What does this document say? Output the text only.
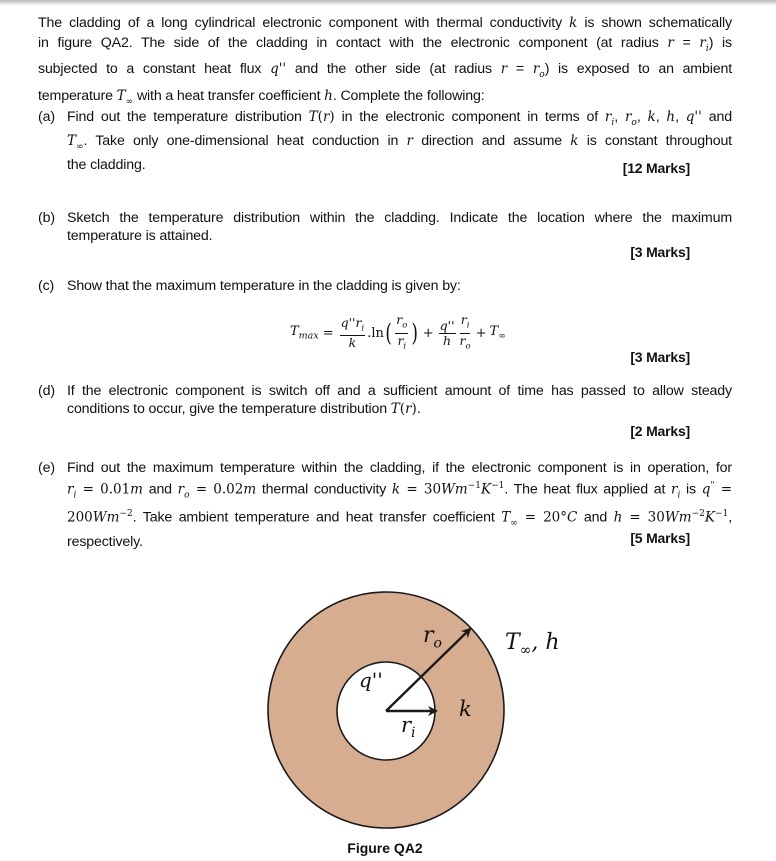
The cladding of a long cylindrical electronic component with thermal conductivity k is shown schematically
in figure QA2. The side of the cladding in contact with the electronic component (at radius $r = r_i$) is
subjected to a constant heat flux q'' and the other side (at radius $r = r_o$) is exposed to an ambient
temperature $T_\infty$ with a heat transfer coefficient h. Complete the following:
(a) Find out the temperature distribution T(r) in the electronic component in terms of $r_i$, $r_o$, k, h, q'' and
$T_\infty$. Take only one-dimensional heat conduction in r direction and assume k is constant throughout
the cladding.	[12 Marks]
(b) Sketch the temperature distribution within the cladding. Indicate the location where the maximum
temperature is attained.
[3 Marks]
(c) Show that the maximum temperature in the cladding is given by:
$T_{max} = \frac{q''r_i}{k} .\ln$ ( $\frac{r_o}{r_i}$ ) + $\frac{q''}{h} \frac{r_i}{r_o} + T_\infty$
[3 Marks]
(d) If the electronic component is switch off and a sufficient amount of time has passed to allow steady
conditions to occur, give the temperature distribution T(r).
[2 Marks]
(e) Find out the maximum temperature within the cladding, if the electronic component is in operation, for
$r_i = 0.01m$ and $r_o = 0.02m$ thermal conductivity $k = 30Wm^{-1}K^{-1}$. The heat flux applied at $r_i$ is q" =
$200Wm^{-2}$. Take ambient temperature and heat transfer coefficient $T_\infty = 20^\circ C$ and $h = 30Wm^{-2}K^{-1}$,
respectively.	[5 Marks]
$r_o$	$T_\infty$, h
q''
k
$r_i$
Figure QA2
